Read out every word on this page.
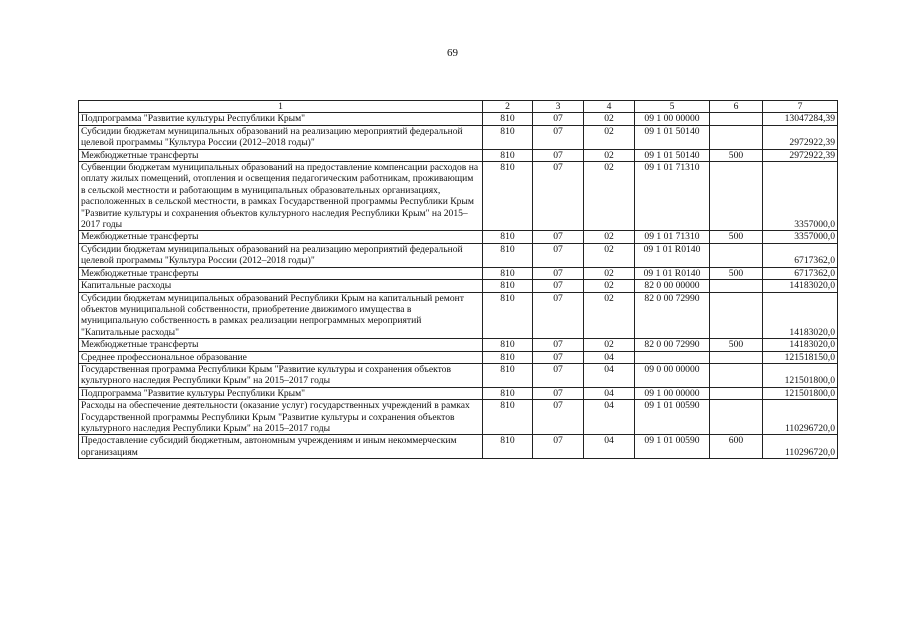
69
1	2	3	4	5	6	7
Подпрограмма "Развитие культуры Республики Крым"	810	07	02	09 1 00 00000		13047284,39
Субсидии бюджетам муниципальных образований на реализацию мероприятий федеральной целевой программы "Культура России (2012–2018 годы)"	810	07	02	09 1 01 50140		2972922,39
Межбюджетные трансферты	810	07	02	09 1 01 50140	500	2972922,39
Субвенции бюджетам муниципальных образований на предоставление компенсации расходов на оплату жилых помещений, отопления и освещения педагогическим работникам, проживающим в сельской местности и работающим в муниципальных образовательных организациях, расположенных в сельской местности, в рамках Государственной программы Республики Крым "Развитие культуры и сохранения объектов культурного наследия Республики Крым" на 2015–2017 годы	810	07	02	09 1 01 71310		3357000,0
Межбюджетные трансферты	810	07	02	09 1 01 71310	500	3357000,0
Субсидии бюджетам муниципальных образований на реализацию мероприятий федеральной целевой программы "Культура России (2012–2018 годы)"	810	07	02	09 1 01 R0140		6717362,0
Межбюджетные трансферты	810	07	02	09 1 01 R0140	500	6717362,0
Капитальные расходы	810	07	02	82 0 00 00000		14183020,0
Субсидии бюджетам муниципальных образований Республики Крым на капитальный ремонт объектов муниципальной собственности, приобретение движимого имущества в муниципальную собственность в рамках реализации непрограммных мероприятий "Капитальные расходы"	810	07	02	82 0 00 72990		14183020,0
Межбюджетные трансферты	810	07	02	82 0 00 72990	500	14183020,0
Среднее профессиональное образование	810	07	04			121518150,0
Государственная программа Республики Крым "Развитие культуры и сохранения объектов культурного наследия Республики Крым" на 2015–2017 годы	810	07	04	09 0 00 00000		121501800,0
Подпрограмма "Развитие культуры Республики Крым"	810	07	04	09 1 00 00000		121501800,0
Расходы на обеспечение деятельности (оказание услуг) государственных учреждений в рамках Государственной программы Республики Крым "Развитие культуры и сохранения объектов культурного наследия Республики Крым" на 2015–2017 годы	810	07	04	09 1 01 00590		110296720,0
Предоставление субсидий бюджетным, автономным учреждениям и иным некоммерческим организациям	810	07	04	09 1 01 00590	600	110296720,0
